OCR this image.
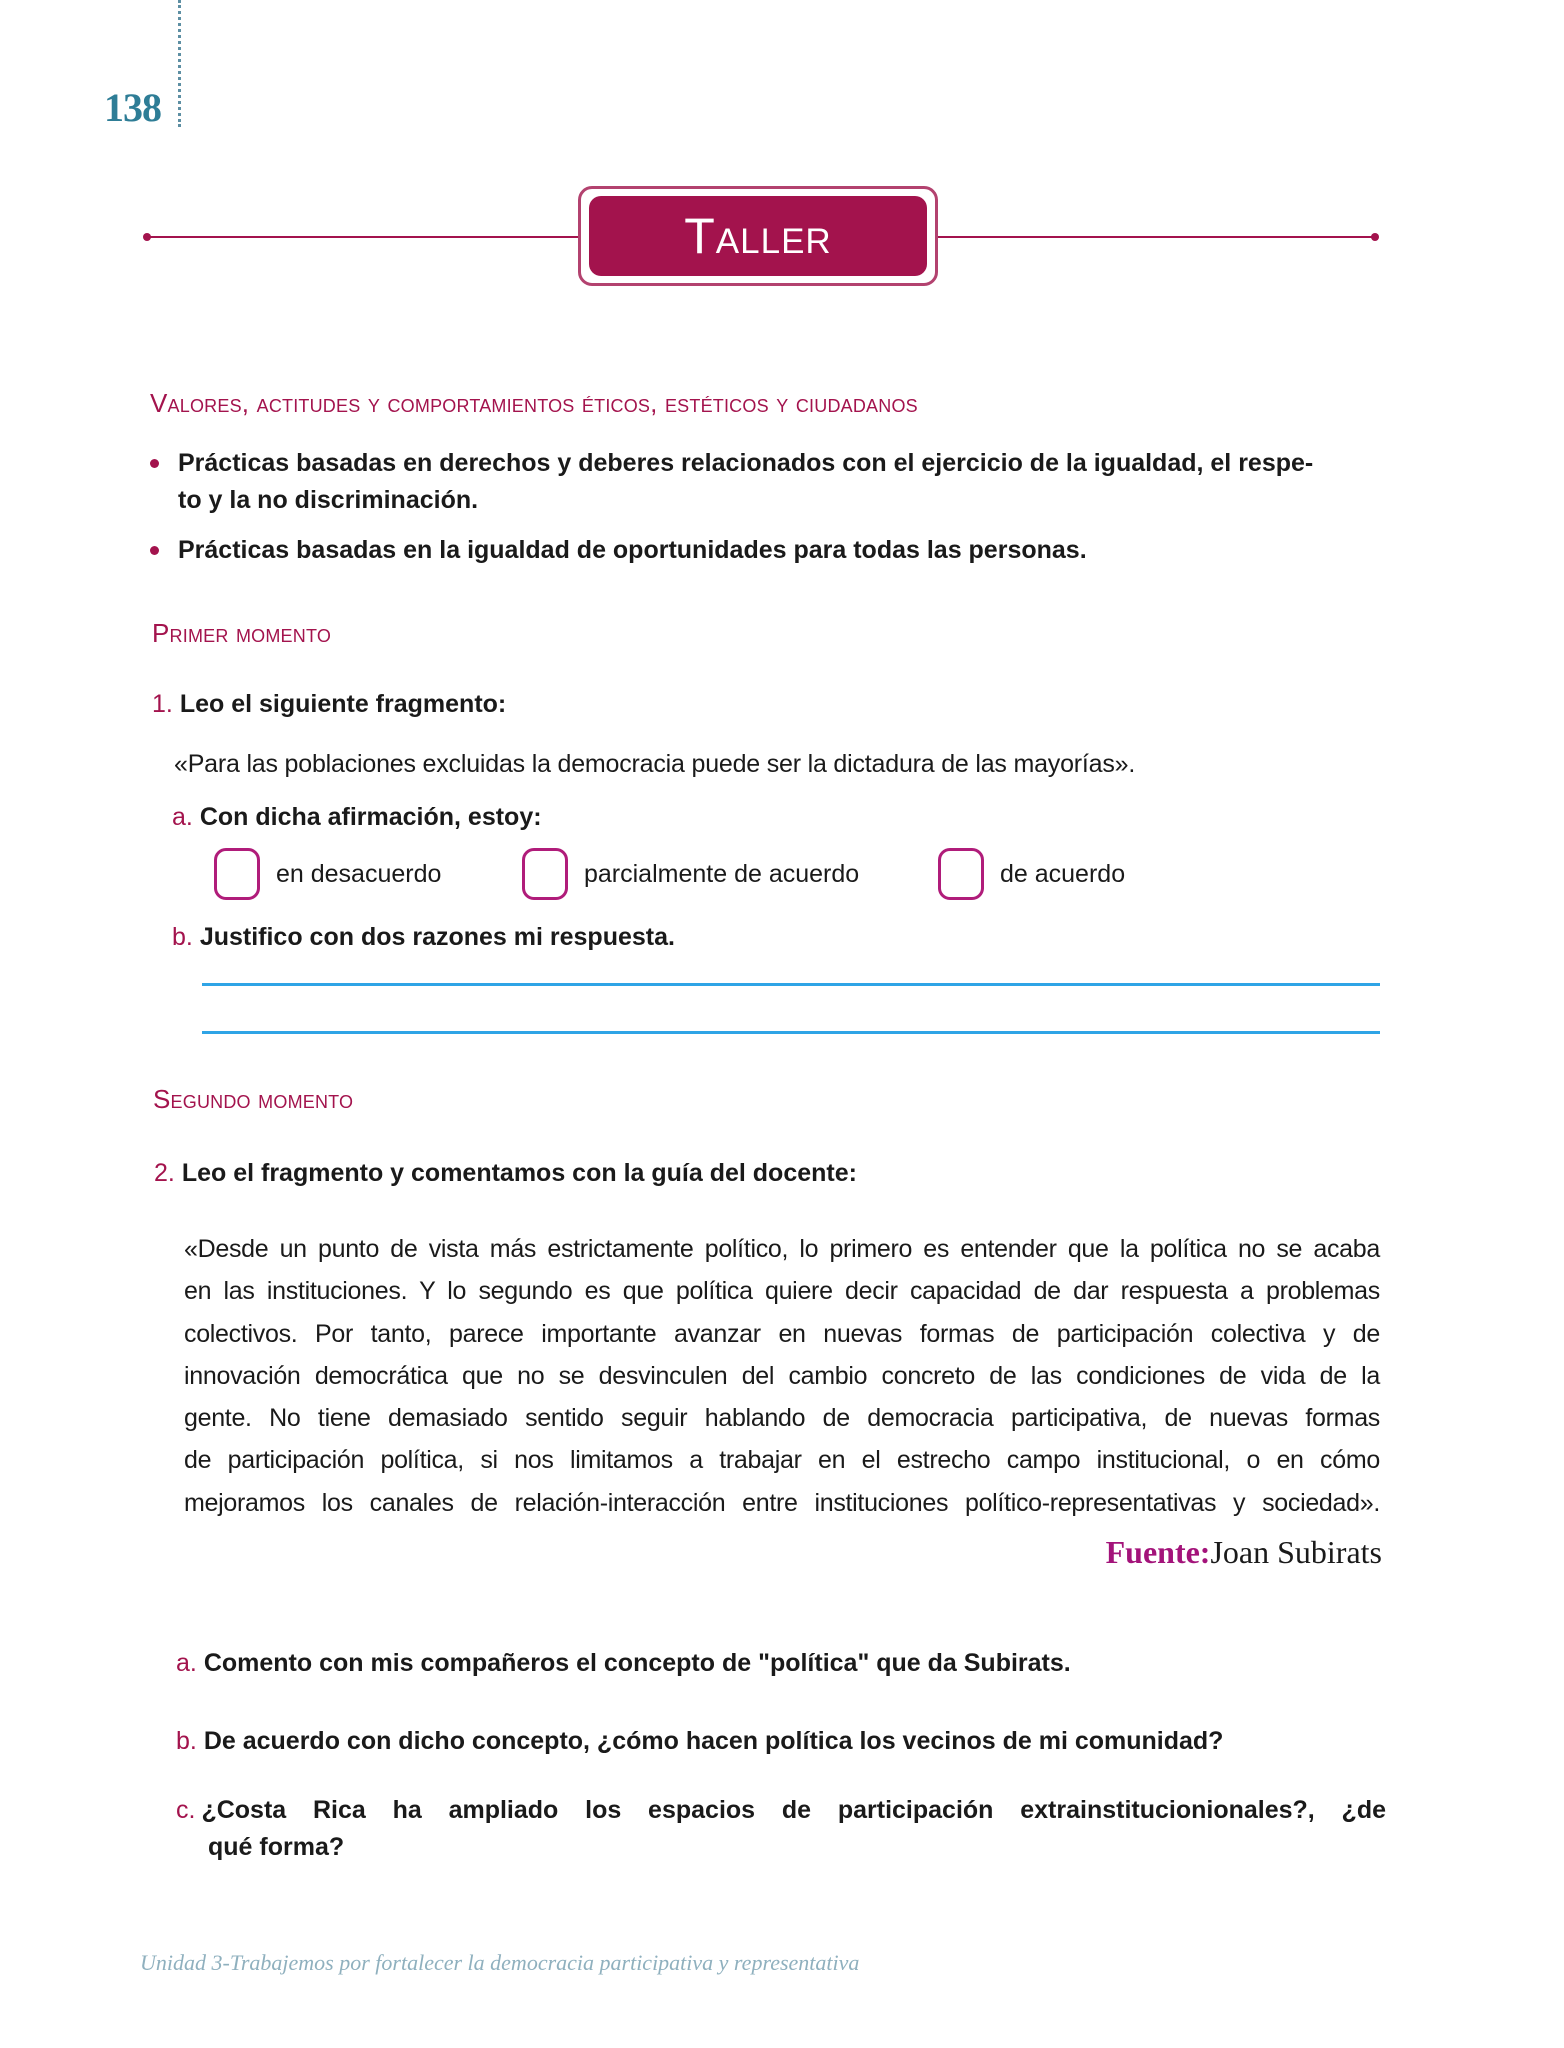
138
Taller
Valores, actitudes y comportamientos éticos, estéticos y ciudadanos
Prácticas basadas en derechos y deberes relacionados con el ejercicio de la igualdad, el respe-
to y la no discriminación.
Prácticas basadas en la igualdad de oportunidades para todas las personas.
Primer momento
1. Leo el siguiente fragmento:
«Para las poblaciones excluidas la democracia puede ser la dictadura de las mayorías».
a. Con dicha afirmación, estoy:
en desacuerdo	parcialmente de acuerdo	de acuerdo
b. Justifico con dos razones mi respuesta.
Segundo momento
2. Leo el fragmento y comentamos con la guía del docente:
«Desde un punto de vista más estrictamente político, lo primero es entender que la política no se acaba
en las instituciones. Y lo segundo es que política quiere decir capacidad de dar respuesta a problemas
colectivos. Por tanto, parece importante avanzar en nuevas formas de participación colectiva y de
innovación democrática que no se desvinculen del cambio concreto de las condiciones de vida de la
gente. No tiene demasiado sentido seguir hablando de democracia participativa, de nuevas formas
de participación política, si nos limitamos a trabajar en el estrecho campo institucional, o en cómo
mejoramos los canales de relación-interacción entre instituciones político-representativas y sociedad».
Fuente:Joan Subirats
a. Comento con mis compañeros el concepto de "política" que da Subirats.
b. De acuerdo con dicho concepto, ¿cómo hacen política los vecinos de mi comunidad?
c. ¿Costa Rica ha ampliado los espacios de participación extrainstitucionionales?, ¿de
qué forma?
Unidad 3-Trabajemos por fortalecer la democracia participativa y representativa
